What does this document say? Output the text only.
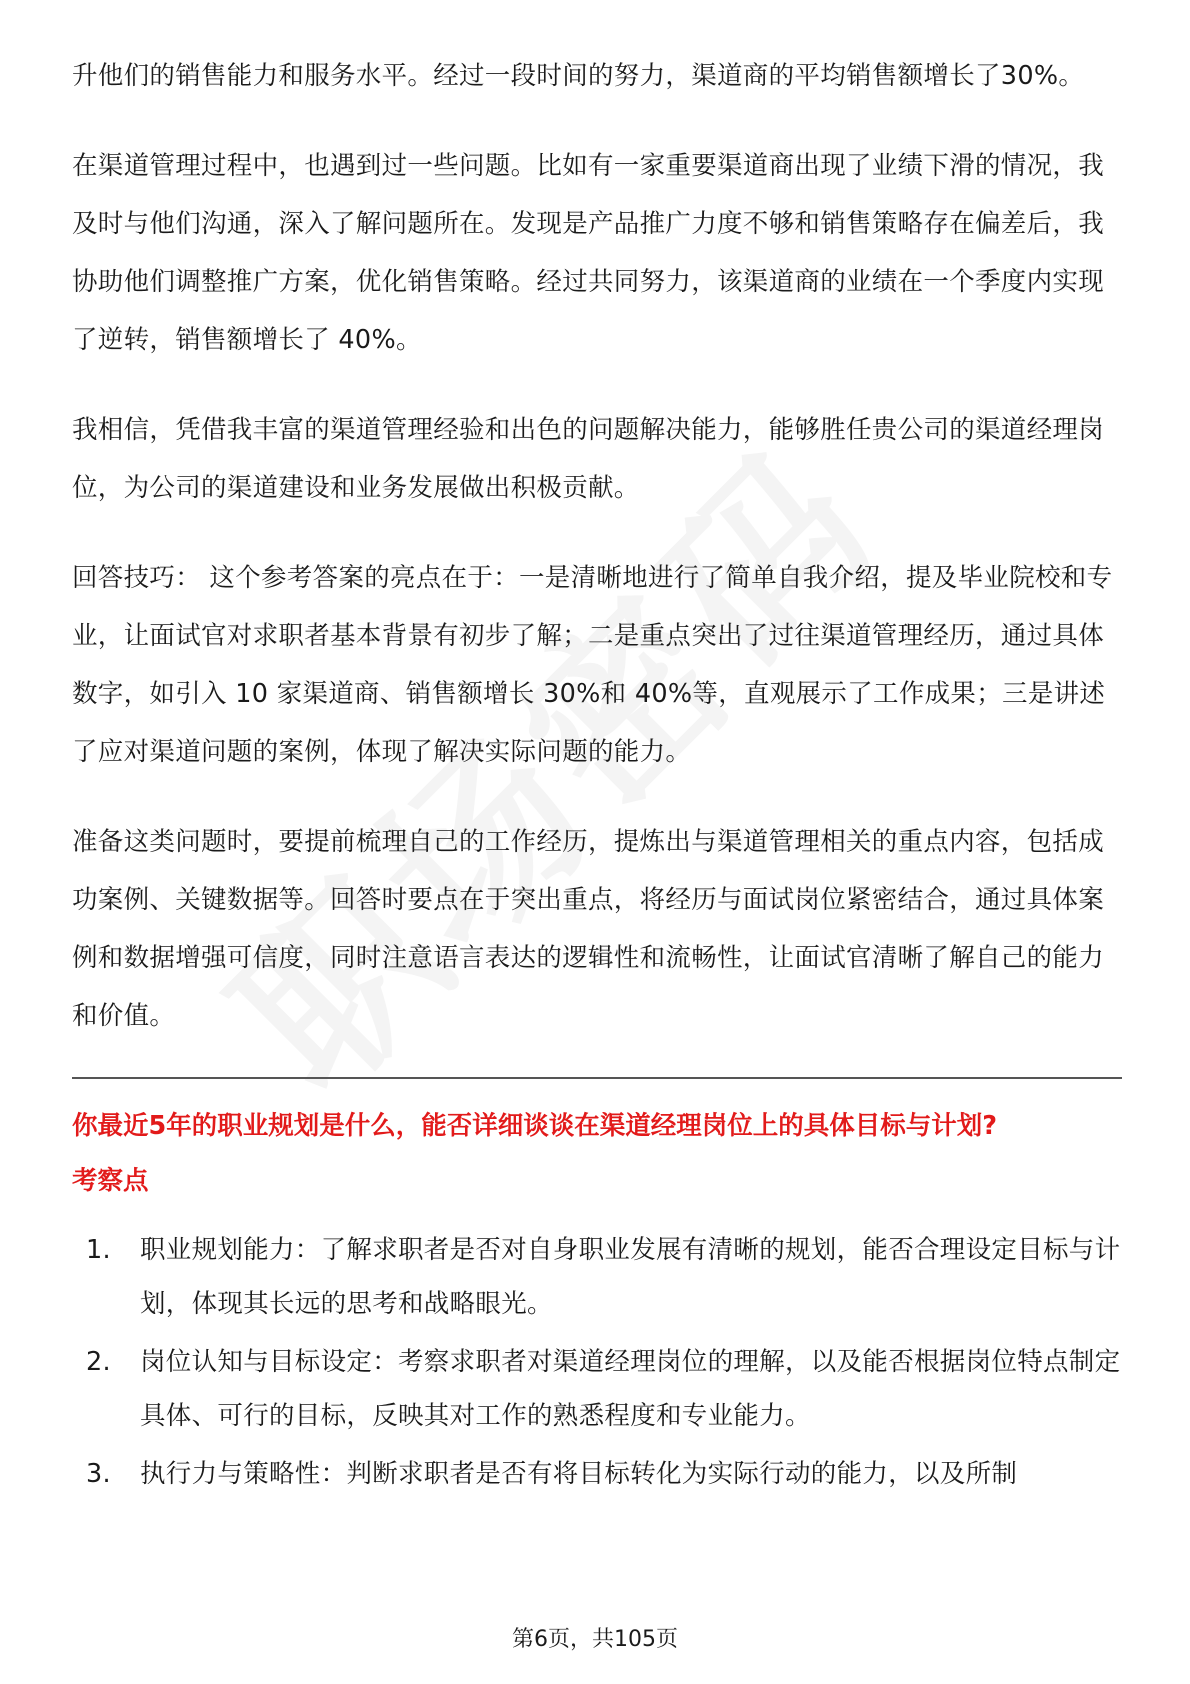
升他们的销售能力和服务水平。经过一段时间的努力，渠道商的平均销售额增长了30%。

在渠道管理过程中，也遇到过一些问题。比如有一家重要渠道商出现了业绩下滑的情况，我及时与他们沟通，深入了解问题所在。发现是产品推广力度不够和销售策略存在偏差后，我协助他们调整推广方案，优化销售策略。经过共同努力，该渠道商的业绩在一个季度内实现了逆转，销售额增长了 40%。

我相信，凭借我丰富的渠道管理经验和出色的问题解决能力，能够胜任贵公司的渠道经理岗位，为公司的渠道建设和业务发展做出积极贡献。

回答技巧： 这个参考答案的亮点在于：一是清晰地进行了简单自我介绍，提及毕业院校和专业，让面试官对求职者基本背景有初步了解；二是重点突出了过往渠道管理经历，通过具体数字，如引入 10 家渠道商、销售额增长 30%和 40%等，直观展示了工作成果；三是讲述了应对渠道问题的案例，体现了解决实际问题的能力。

准备这类问题时，要提前梳理自己的工作经历，提炼出与渠道管理相关的重点内容，包括成功案例、关键数据等。回答时要点在于突出重点，将经历与面试岗位紧密结合，通过具体案例和数据增强可信度，同时注意语言表达的逻辑性和流畅性，让面试官清晰了解自己的能力和价值。

你最近5年的职业规划是什么，能否详细谈谈在渠道经理岗位上的具体目标与计划?
考察点
1. 职业规划能力：了解求职者是否对自身职业发展有清晰的规划，能否合理设定目标与计划，体现其长远的思考和战略眼光。
2. 岗位认知与目标设定：考察求职者对渠道经理岗位的理解，以及能否根据岗位特点制定具体、可行的目标，反映其对工作的熟悉程度和专业能力。
3. 执行力与策略性：判断求职者是否有将目标转化为实际行动的能力，以及所制
第6页，共105页
